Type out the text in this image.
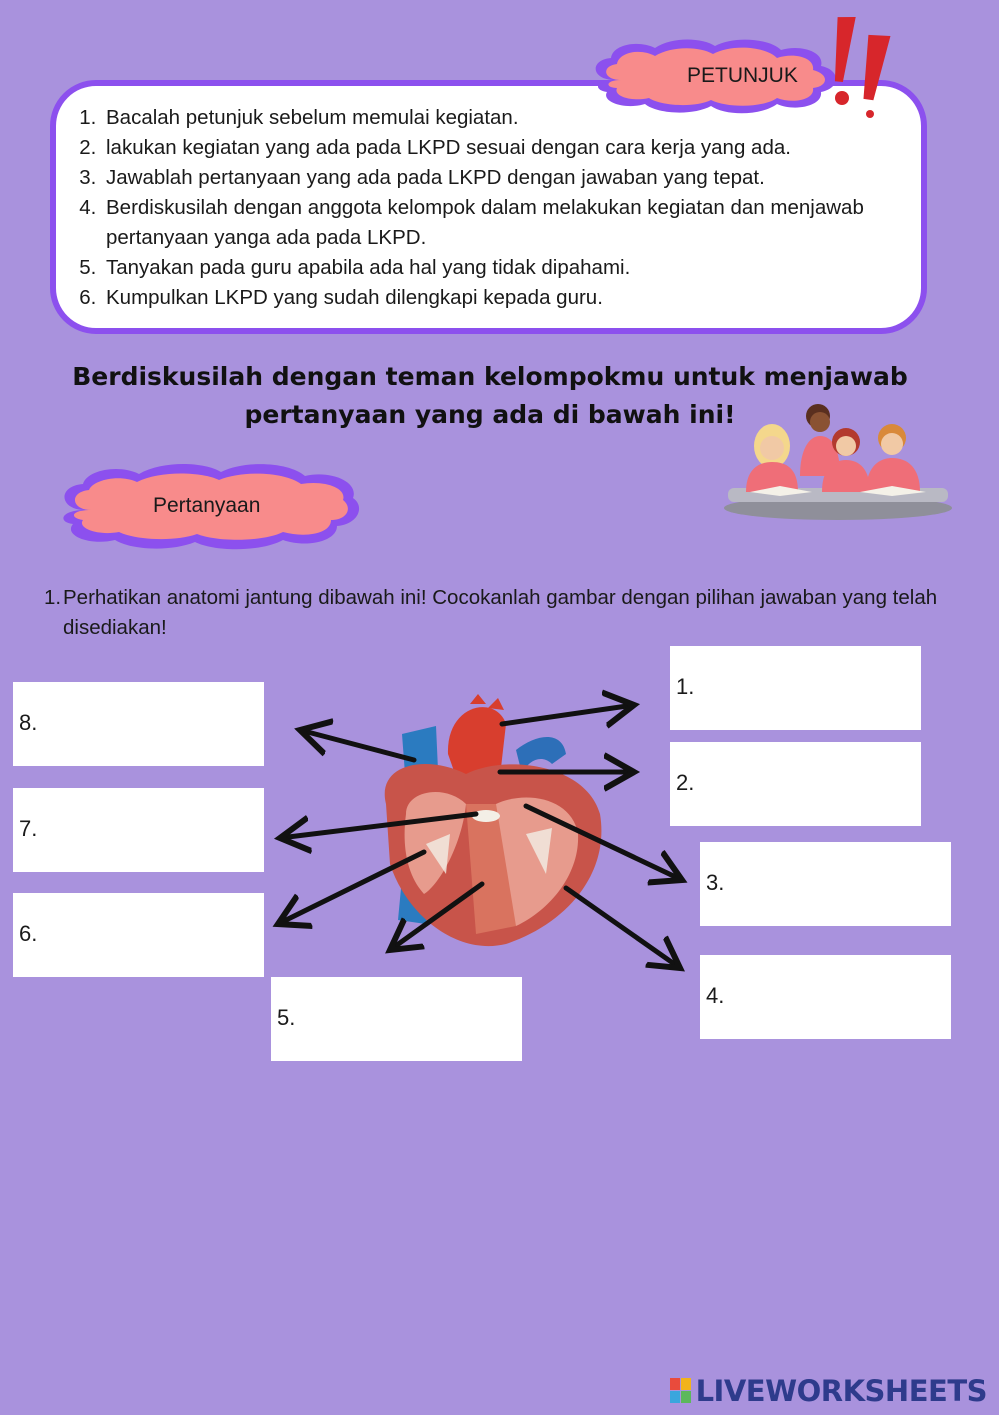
1. Bacalah petunjuk sebelum memulai kegiatan.
2. lakukan kegiatan yang ada pada LKPD sesuai dengan cara kerja yang ada.
3. Jawablah pertanyaan yang ada pada LKPD dengan jawaban yang tepat.
4. Berdiskusilah dengan anggota kelompok dalam melakukan kegiatan dan menjawab pertanyaan yanga ada pada LKPD.
5. Tanyakan pada guru apabila ada hal yang tidak dipahami.
6. Kumpulkan LKPD yang sudah dilengkapi kepada guru.
PETUNJUK
Berdiskusilah dengan teman kelompokmu untuk menjawab
pertanyaan yang ada di bawah ini!
Pertanyaan
1. Perhatikan anatomi jantung dibawah ini! Cocokanlah gambar dengan pilihan jawaban yang telah disediakan!
1.
2.
3.
4.
5.
6.
7.
8.
LIVEWORKSHEETS
